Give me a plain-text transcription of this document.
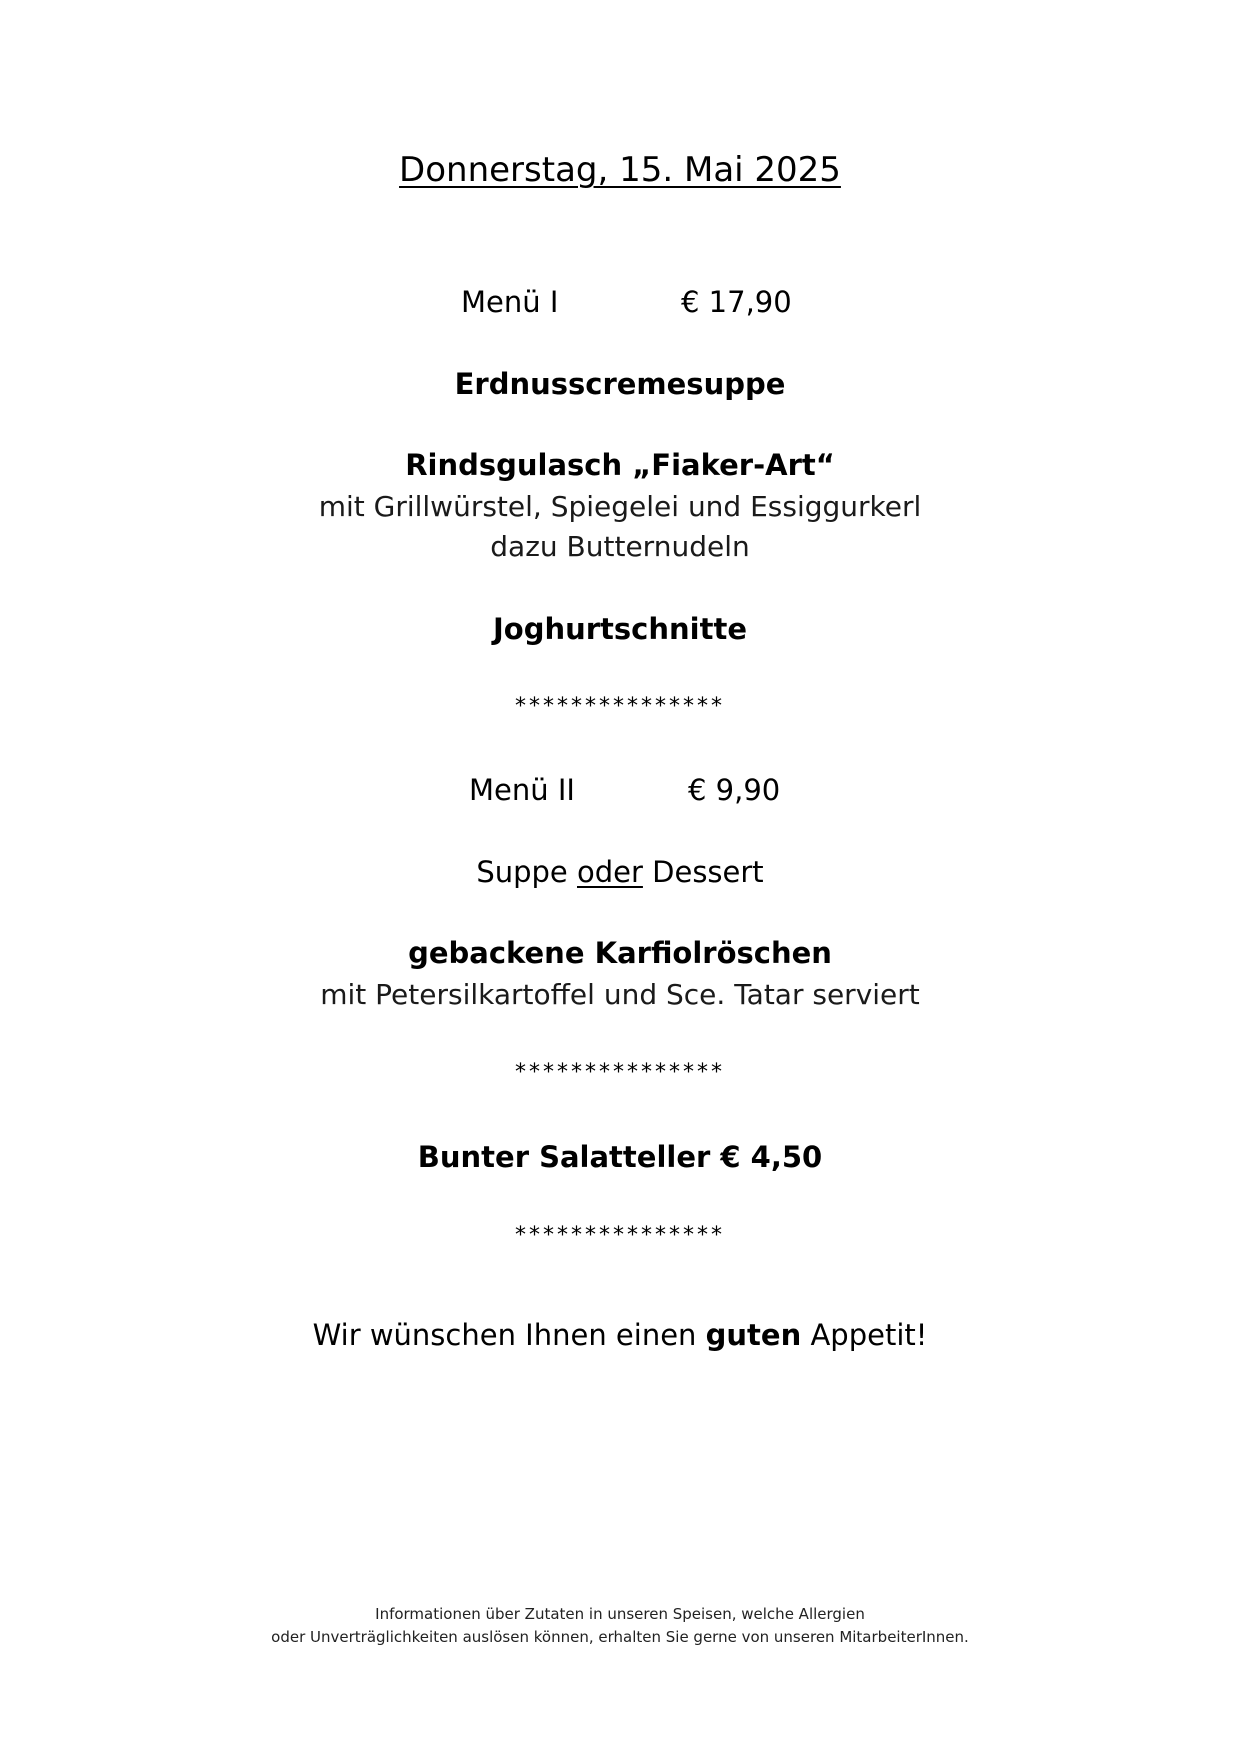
Donnerstag, 15. Mai 2025
Menü I	€ 17,90
Erdnusscremesuppe
Rindsgulasch „Fiaker-Art“
mit Grillwürstel, Spiegelei und Essiggurkerl
dazu Butternudeln
Joghurtschnitte
***************
Menü II	€ 9,90
Suppe oder Dessert
gebackene Karfiolröschen
mit Petersilkartoffel und Sce. Tatar serviert
***************
Bunter Salatteller € 4,50
***************
Wir wünschen Ihnen einen guten Appetit!
Informationen über Zutaten in unseren Speisen, welche Allergien
oder Unverträglichkeiten auslösen können, erhalten Sie gerne von unseren MitarbeiterInnen.
